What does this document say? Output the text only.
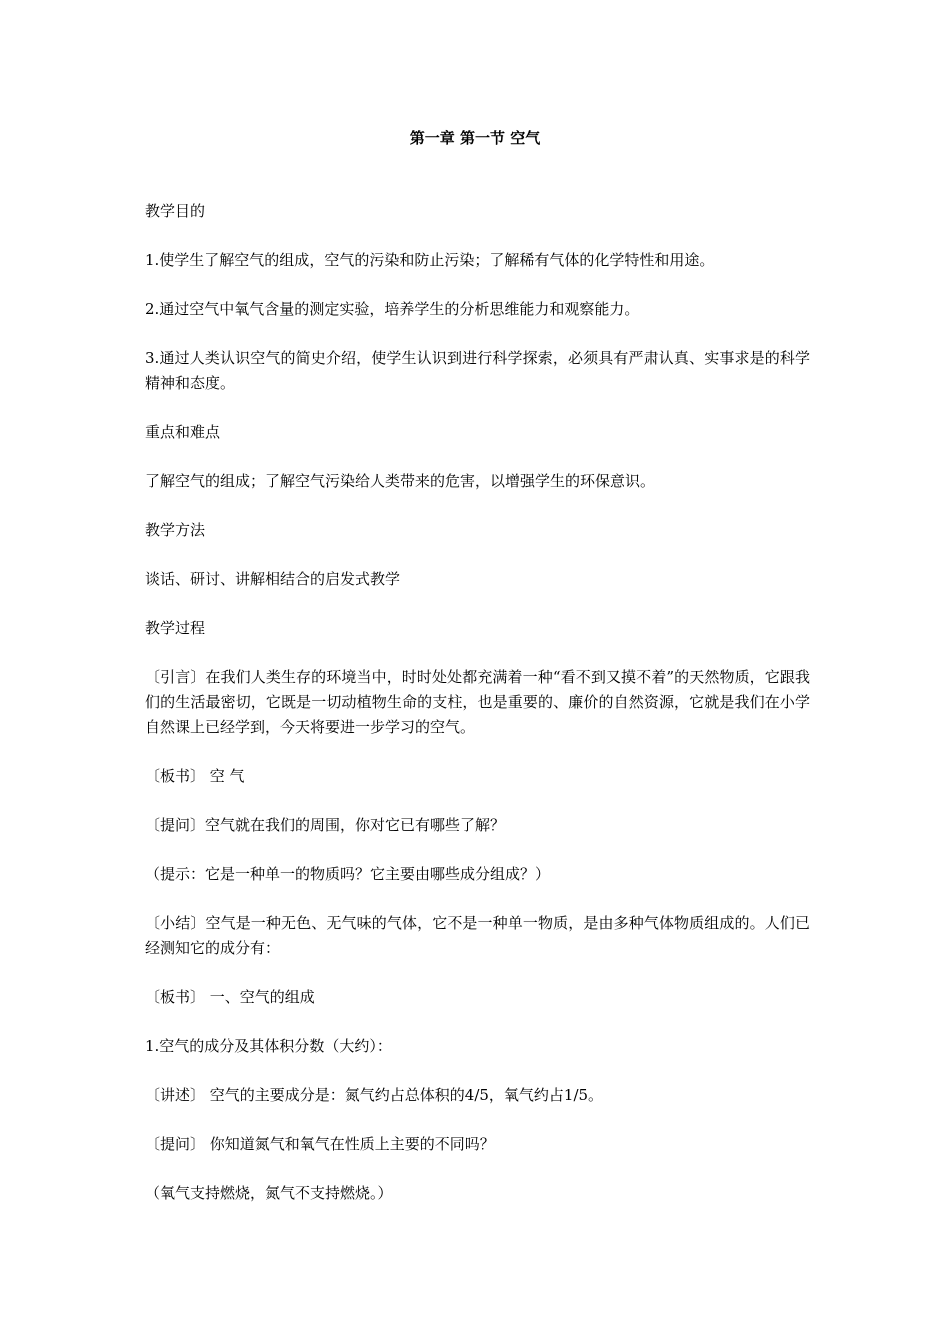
第一章 第一节 空气

教学目的

1.使学生了解空气的组成，空气的污染和防止污染；了解稀有气体的化学特性和用途。

2.通过空气中氧气含量的测定实验，培养学生的分析思维能力和观察能力。

3.通过人类认识空气的简史介绍，使学生认识到进行科学探索，必须具有严肃认真、实事求是的科学精神和态度。

重点和难点

了解空气的组成；了解空气污染给人类带来的危害，以增强学生的环保意识。

教学方法

谈话、研讨、讲解相结合的启发式教学

教学过程

〔引言〕在我们人类生存的环境当中，时时处处都充满着一种“看不到又摸不着”的天然物质，它跟我们的生活最密切，它既是一切动植物生命的支柱，也是重要的、廉价的自然资源，它就是我们在小学自然课上已经学到，今天将要进一步学习的空气。

〔板书〕 空 气

〔提问〕空气就在我们的周围，你对它已有哪些了解？

（提示：它是一种单一的物质吗？它主要由哪些成分组成？）

〔小结〕空气是一种无色、无气味的气体，它不是一种单一物质，是由多种气体物质组成的。人们已经测知它的成分有：

〔板书〕 一、空气的组成

1.空气的成分及其体积分数（大约）：

〔讲述〕 空气的主要成分是：氮气约占总体积的4/5，氧气约占1/5。

〔提问〕 你知道氮气和氧气在性质上主要的不同吗？

（氧气支持燃烧，氮气不支持燃烧。）
